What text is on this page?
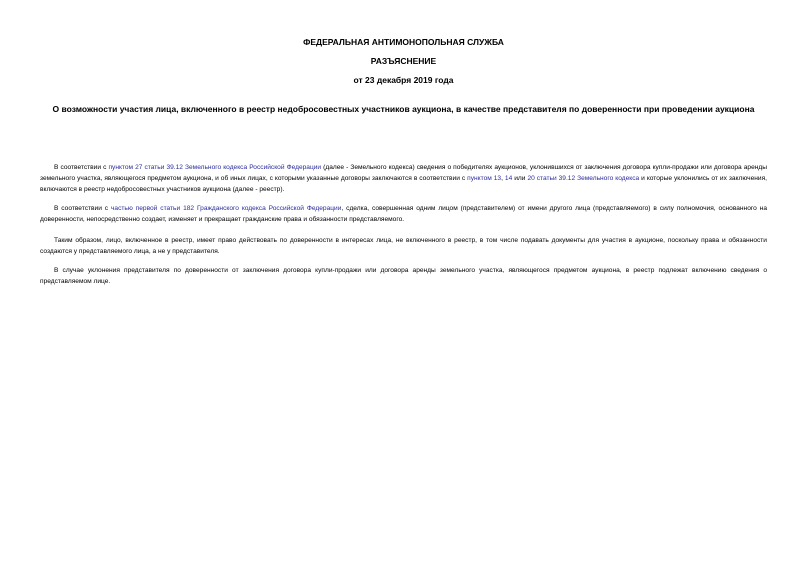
ФЕДЕРАЛЬНАЯ АНТИМОНОПОЛЬНАЯ СЛУЖБА
РАЗЪЯСНЕНИЕ
от 23 декабря 2019 года
О возможности участия лица, включенного в реестр недобросовестных участников аукциона, в качестве представителя по доверенности при проведении аукциона

В соответствии с пунктом 27 статьи 39.12 Земельного кодекса Российской Федерации (далее - Земельного кодекса) сведения о победителях аукционов, уклонившихся от заключения договора купли-продажи или договора аренды земельного участка, являющегося предметом аукциона, и об иных лицах, с которыми указанные договоры заключаются в соответствии с пунктом 13, 14 или 20 статьи 39.12 Земельного кодекса и которые уклонились от их заключения, включаются в реестр недобросовестных участников аукциона (далее - реестр).

В соответствии с частью первой статьи 182 Гражданского кодекса Российской Федерации, сделка, совершенная одним лицом (представителем) от имени другого лица (представляемого) в силу полномочия, основанного на доверенности, непосредственно создает, изменяет и прекращает гражданские права и обязанности представляемого.

Таким образом, лицо, включенное в реестр, имеет право действовать по доверенности в интересах лица, не включенного в реестр, в том числе подавать документы для участия в аукционе, поскольку права и обязанности создаются у представляемого лица, а не у представителя.

В случае уклонения представителя по доверенности от заключения договора купли-продажи или договора аренды земельного участка, являющегося предметом аукциона, в реестр подлежат включению сведения о представляемом лице.
